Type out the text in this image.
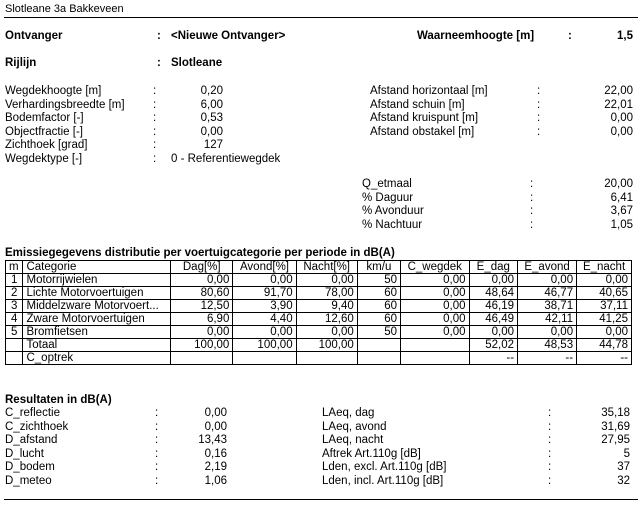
Slotleane 3a Bakkeveen
Ontvanger	: <Nieuwe Ontvanger>	Waarneemhoogte [m]	:	1,5
Rijlijn	: Slotleane
Wegdekhoogte [m]	:	0,20
Verhardingsbreedte [m] :	6,00
Bodemfactor [-]	:	0,53
Objectfractie [-]	:	0,00
Zichthoek [grad]	:	127
Wegdektype [-]	: 0 - Referentiewegdek
Afstand horizontaal [m]	:	22,00
Afstand schuin [m]	:	22,01
Afstand kruispunt [m]	:	0,00
Afstand obstakel [m]	:	0,00
Q_etmaal	:	20,00
% Daguur	:	6,41
% Avonduur	:	3,67
% Nachtuur	:	1,05
Emissiegegevens distributie per voertuigcategorie per periode in dB(A)
m	Categorie	Dag[%]	Avond[%]	Nacht[%]	km/u	C_wegdek	E_dag	E_avond	E_nacht
1	Motorrijwielen	0,00	0,00	0,00	50	0,00	0,00	0,00	0,00
2	Lichte Motorvoertuigen	80,60	91,70	78,00	60	0,00	48,64	46,77	40,65
3	Middelzware Motorvoert...	12,50	3,90	9,40	60	0,00	46,19	38,71	37,11
4	Zware Motorvoertuigen	6,90	4,40	12,60	60	0,00	46,49	42,11	41,25
5	Bromfietsen	0,00	0,00	0,00	50	0,00	0,00	0,00	0,00
	Totaal	100,00	100,00	100,00			52,02	48,53	44,78
	C_optrek						--	--	--
Resultaten in dB(A)
C_reflectie	:	0,00
C_zichthoek	:	0,00
D_afstand	:	13,43
D_lucht	:	0,16
D_bodem	:	2,19
D_meteo	:	1,06
LAeq, dag	:	35,18
LAeq, avond	:	31,69
LAeq, nacht	:	27,95
Aftrek Art.110g [dB]	:	5
Lden, excl. Art.110g [dB]	:	37
Lden, incl. Art.110g [dB]	:	32
